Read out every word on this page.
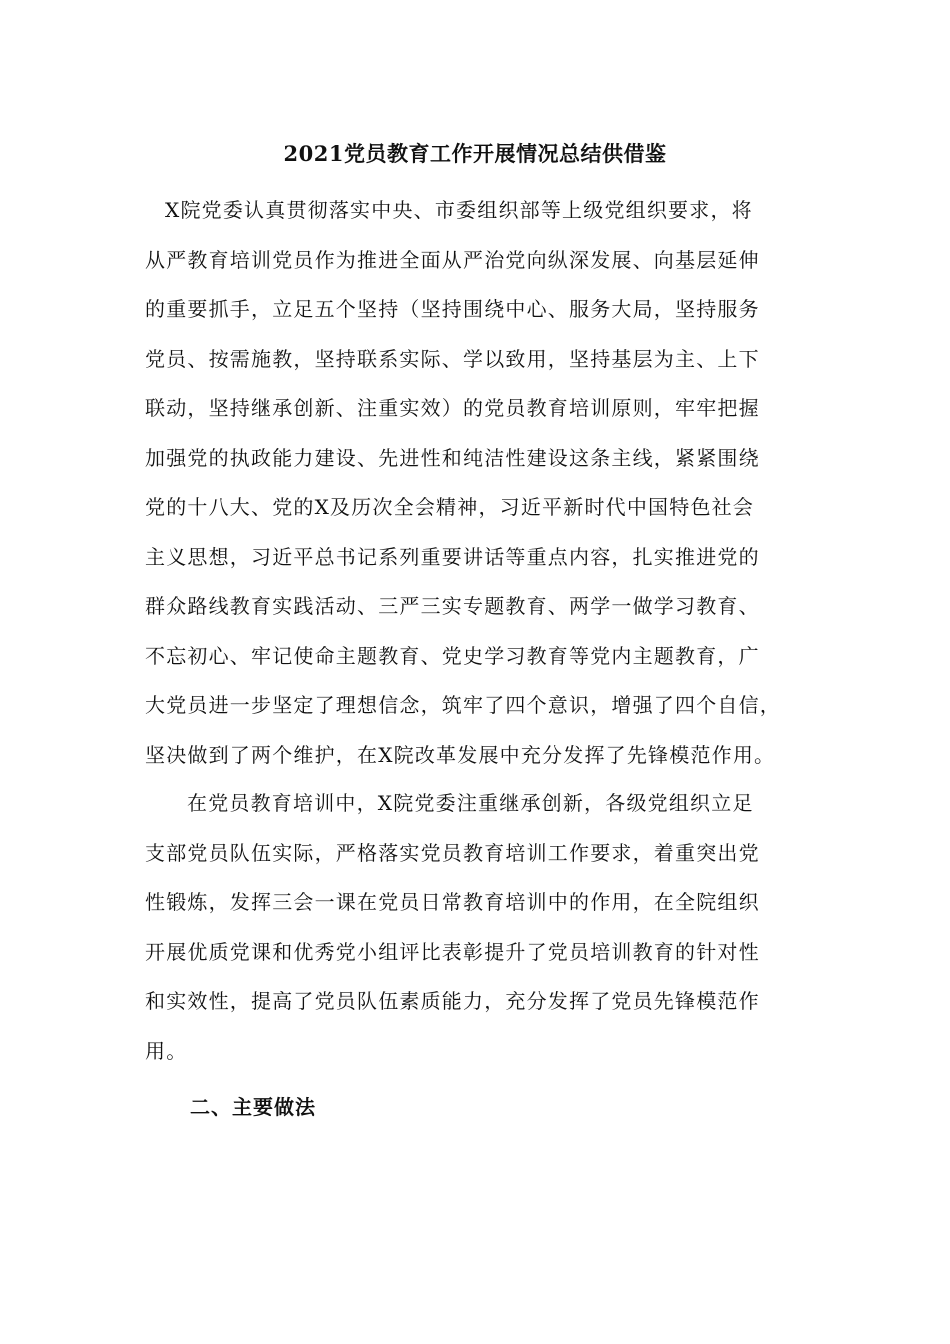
2021党员教育工作开展情况总结供借鉴
X院党委认真贯彻落实中央、市委组织部等上级党组织要求，将
从严教育培训党员作为推进全面从严治党向纵深发展、向基层延伸
的重要抓手，立足五个坚持（坚持围绕中心、服务大局，坚持服务
党员、按需施教，坚持联系实际、学以致用，坚持基层为主、上下
联动，坚持继承创新、注重实效）的党员教育培训原则，牢牢把握
加强党的执政能力建设、先进性和纯洁性建设这条主线，紧紧围绕
党的十八大、党的X及历次全会精神，习近平新时代中国特色社会
主义思想，习近平总书记系列重要讲话等重点内容，扎实推进党的
群众路线教育实践活动、三严三实专题教育、两学一做学习教育、
不忘初心、牢记使命主题教育、党史学习教育等党内主题教育，广
大党员进一步坚定了理想信念，筑牢了四个意识，增强了四个自信，
坚决做到了两个维护，在X院改革发展中充分发挥了先锋模范作用。
在党员教育培训中，X院党委注重继承创新，各级党组织立足
支部党员队伍实际，严格落实党员教育培训工作要求，着重突出党
性锻炼，发挥三会一课在党员日常教育培训中的作用，在全院组织
开展优质党课和优秀党小组评比表彰提升了党员培训教育的针对性
和实效性，提高了党员队伍素质能力，充分发挥了党员先锋模范作
用。
二、主要做法
